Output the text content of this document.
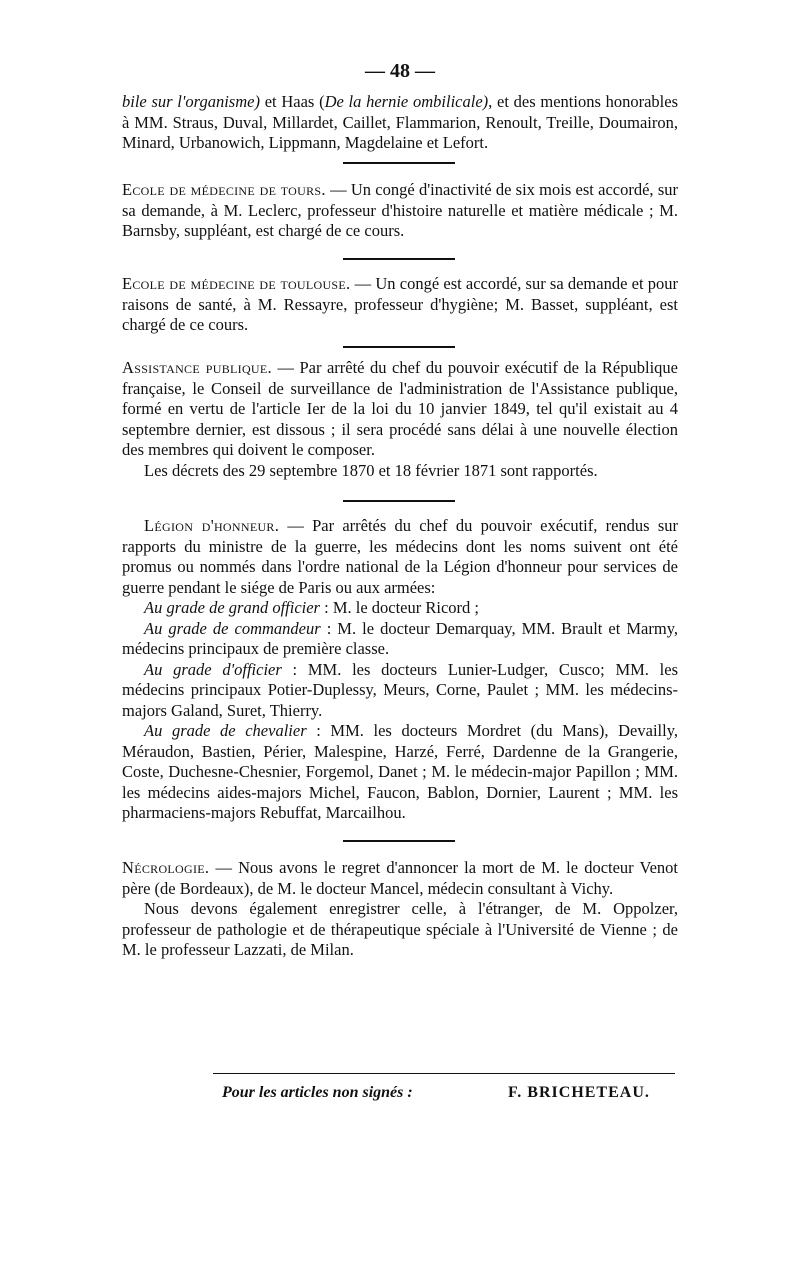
— 48 —

bile sur l'organisme) et Haas (De la hernie ombilicale), et des mentions honorables à MM. Straus, Duval, Millardet, Caillet, Flammarion, Renoult, Treille, Doumairon, Minard, Urbanowich, Lippmann, Magdelaine et Lefort.

Ecole de médecine de tours. — Un congé d'inactivité de six mois est accordé, sur sa demande, à M. Leclerc, professeur d'histoire naturelle et matière médicale ; M. Barnsby, suppléant, est chargé de ce cours.

Ecole de médecine de toulouse. — Un congé est accordé, sur sa demande et pour raisons de santé, à M. Ressayre, professeur d'hygiène; M. Basset, suppléant, est chargé de ce cours.

Assistance publique. — Par arrêté du chef du pouvoir exécutif de la République française, le Conseil de surveillance de l'administration de l'Assistance publique, formé en vertu de l'article Ier de la loi du 10 janvier 1849, tel qu'il existait au 4 septembre dernier, est dissous ; il sera procédé sans délai à une nouvelle élection des membres qui doivent le composer.

Les décrets des 29 septembre 1870 et 18 février 1871 sont rapportés.

Légion d'honneur. — Par arrêtés du chef du pouvoir exécutif, rendus sur rapports du ministre de la guerre, les médecins dont les noms suivent ont été promus ou nommés dans l'ordre national de la Légion d'honneur pour services de guerre pendant le siége de Paris ou aux armées:

Au grade de grand officier : M. le docteur Ricord ;

Au grade de commandeur : M. le docteur Demarquay, MM. Brault et Marmy, médecins principaux de première classe.

Au grade d'officier : MM. les docteurs Lunier-Ludger, Cusco; MM. les médecins principaux Potier-Duplessy, Meurs, Corne, Paulet ; MM. les médecins-majors Galand, Suret, Thierry.

Au grade de chevalier : MM. les docteurs Mordret (du Mans), Devailly, Méraudon, Bastien, Périer, Malespine, Harzé, Ferré, Dardenne de la Grangerie, Coste, Duchesne-Chesnier, Forgemol, Danet ; M. le médecin-major Papillon ; MM. les médecins aides-majors Michel, Faucon, Bablon, Dornier, Laurent ; MM. les pharmaciens-majors Rebuffat, Marcailhou.

Nécrologie. — Nous avons le regret d'annoncer la mort de M. le docteur Venot père (de Bordeaux), de M. le docteur Mancel, médecin consultant à Vichy.

Nous devons également enregistrer celle, à l'étranger, de M. Oppolzer, professeur de pathologie et de thérapeutique spéciale à l'Université de Vienne ; de M. le professeur Lazzati, de Milan.

Pour les articles non signés :	F. BRICHETEAU.
